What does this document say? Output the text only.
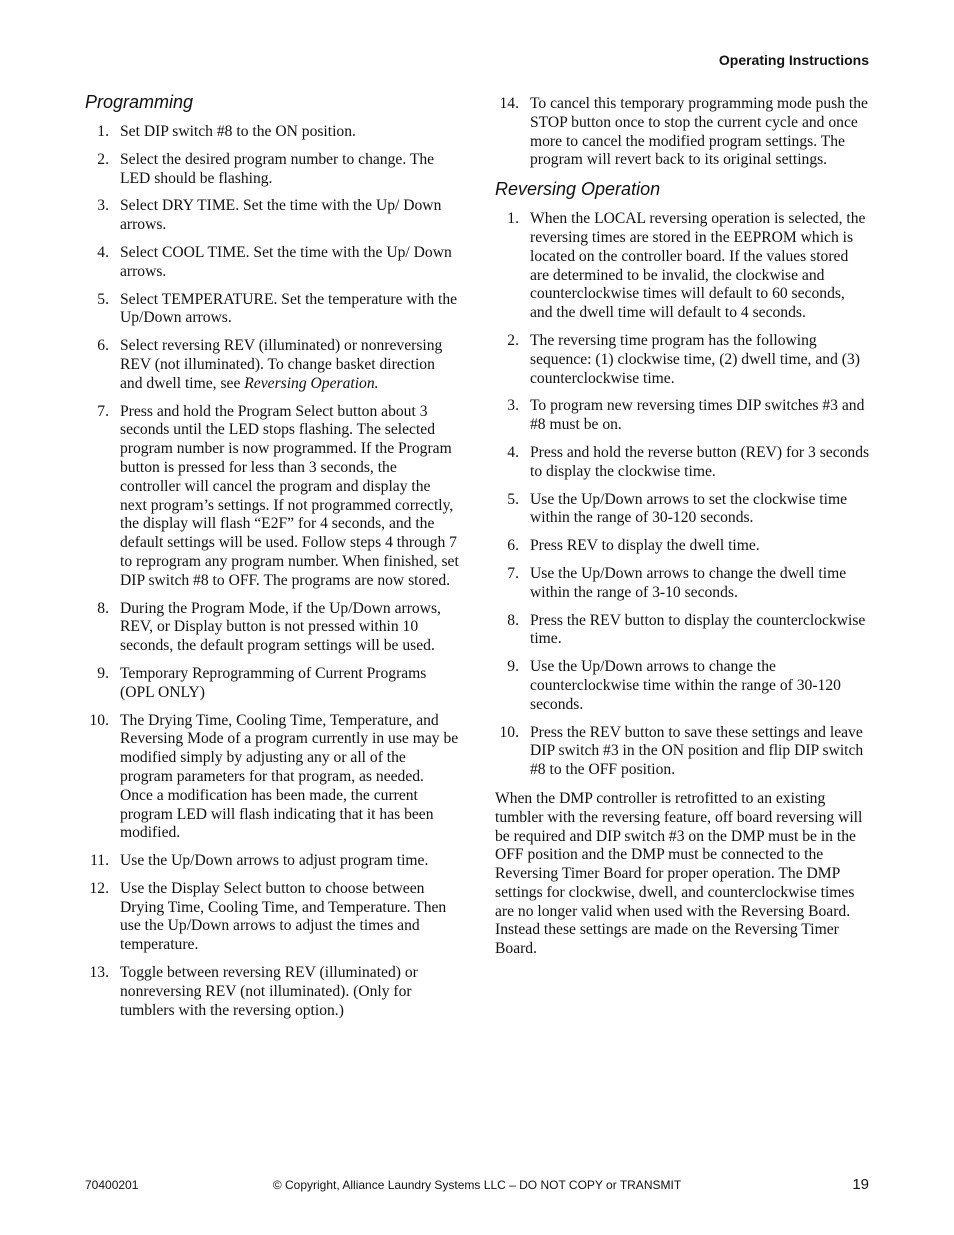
Operating Instructions
Programming
1. Set DIP switch #8 to the ON position.
2. Select the desired program number to change. The LED should be flashing.
3. Select DRY TIME. Set the time with the Up/ Down arrows.
4. Select COOL TIME. Set the time with the Up/ Down arrows.
5. Select TEMPERATURE. Set the temperature with the Up/Down arrows.
6. Select reversing REV (illuminated) or nonreversing REV (not illuminated). To change basket direction and dwell time, see Reversing Operation.
7. Press and hold the Program Select button about 3 seconds until the LED stops flashing. The selected program number is now programmed. If the Program button is pressed for less than 3 seconds, the controller will cancel the program and display the next program’s settings. If not programmed correctly, the display will flash “E2F” for 4 seconds, and the default settings will be used. Follow steps 4 through 7 to reprogram any program number. When finished, set DIP switch #8 to OFF. The programs are now stored.
8. During the Program Mode, if the Up/Down arrows, REV, or Display button is not pressed within 10 seconds, the default program settings will be used.
9. Temporary Reprogramming of Current Programs (OPL ONLY)
10. The Drying Time, Cooling Time, Temperature, and Reversing Mode of a program currently in use may be modified simply by adjusting any or all of the program parameters for that program, as needed. Once a modification has been made, the current program LED will flash indicating that it has been modified.
11. Use the Up/Down arrows to adjust program time.
12. Use the Display Select button to choose between Drying Time, Cooling Time, and Temperature. Then use the Up/Down arrows to adjust the times and temperature.
13. Toggle between reversing REV (illuminated) or nonreversing REV (not illuminated). (Only for tumblers with the reversing option.)
14. To cancel this temporary programming mode push the STOP button once to stop the current cycle and once more to cancel the modified program settings. The program will revert back to its original settings.
Reversing Operation
1. When the LOCAL reversing operation is selected, the reversing times are stored in the EEPROM which is located on the controller board. If the values stored are determined to be invalid, the clockwise and counterclockwise times will default to 60 seconds, and the dwell time will default to 4 seconds.
2. The reversing time program has the following sequence: (1) clockwise time, (2) dwell time, and (3) counterclockwise time.
3. To program new reversing times DIP switches #3 and #8 must be on.
4. Press and hold the reverse button (REV) for 3 seconds to display the clockwise time.
5. Use the Up/Down arrows to set the clockwise time within the range of 30-120 seconds.
6. Press REV to display the dwell time.
7. Use the Up/Down arrows to change the dwell time within the range of 3-10 seconds.
8. Press the REV button to display the counterclockwise time.
9. Use the Up/Down arrows to change the counterclockwise time within the range of 30-120 seconds.
10. Press the REV button to save these settings and leave DIP switch #3 in the ON position and flip DIP switch #8 to the OFF position.

When the DMP controller is retrofitted to an existing tumbler with the reversing feature, off board reversing will be required and DIP switch #3 on the DMP must be in the OFF position and the DMP must be connected to the Reversing Timer Board for proper operation. The DMP settings for clockwise, dwell, and counterclockwise times are no longer valid when used with the Reversing Board. Instead these settings are made on the Reversing Timer Board.

70400201	© Copyright, Alliance Laundry Systems LLC – DO NOT COPY or TRANSMIT	19
